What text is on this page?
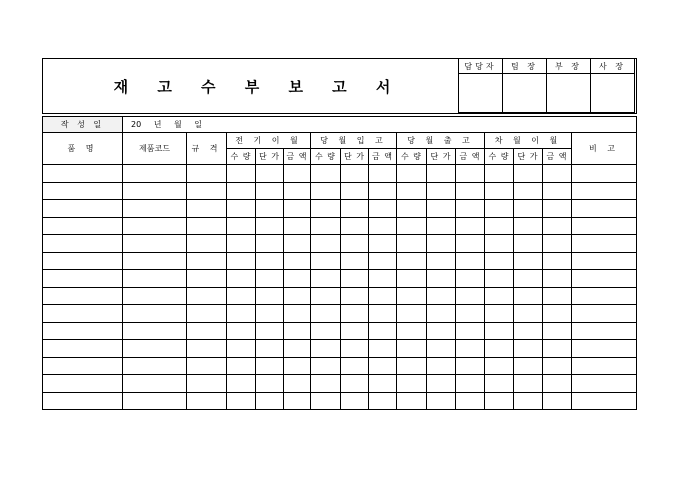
재 고 수 부 보 고 서
담당자	팀 장	부 장	사 장

작 성 일	20 년 월 일														
품 명	제품코드	규 격	전 기 이 월			당 월 입 고			당 월 출 고			차 월 이 월			비 고
			수 량	단 가	금 액	수 량	단 가	금 액	수 량	단 가	금 액	수 량	단 가	금 액	
